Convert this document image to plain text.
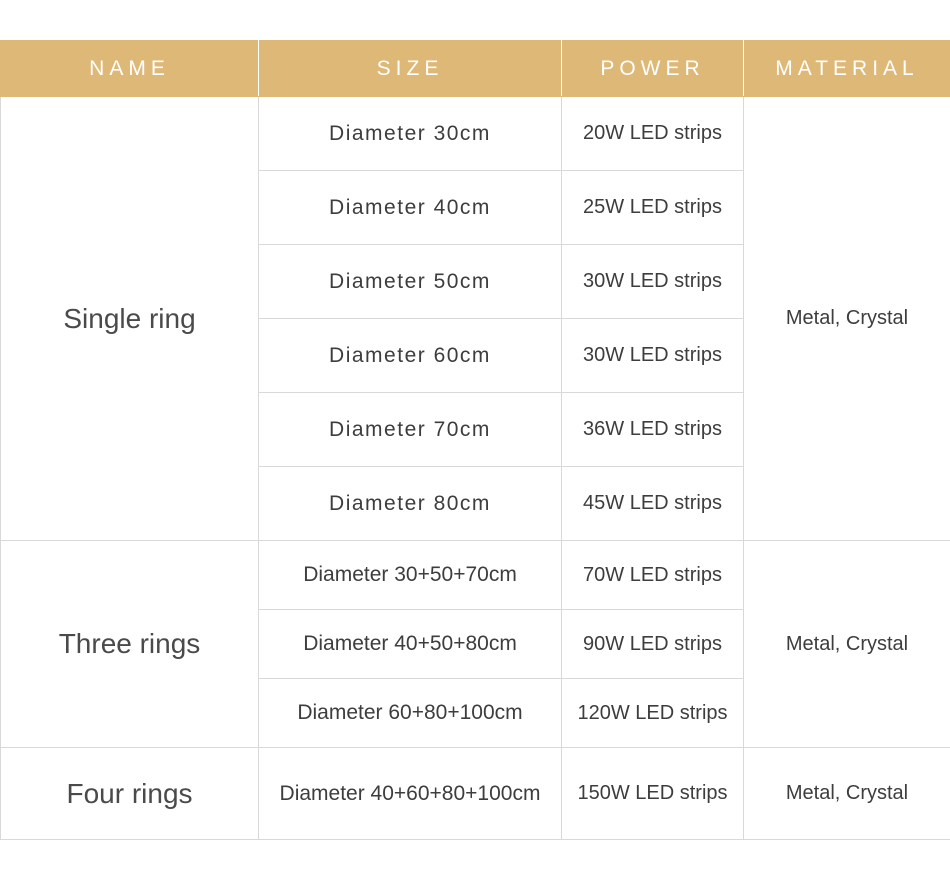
NAME	SIZE	POWER	MATERIAL
Single ring	Diameter 30cm	20W LED strips	Metal, Crystal
	Diameter 40cm	25W LED strips	
	Diameter 50cm	30W LED strips	
	Diameter 60cm	30W LED strips	
	Diameter 70cm	36W LED strips	
	Diameter 80cm	45W LED strips	
Three rings	Diameter 30+50+70cm	70W LED strips	Metal, Crystal
	Diameter 40+50+80cm	90W LED strips	
	Diameter 60+80+100cm	120W LED strips	
Four rings	Diameter 40+60+80+100cm	150W LED strips	Metal, Crystal
